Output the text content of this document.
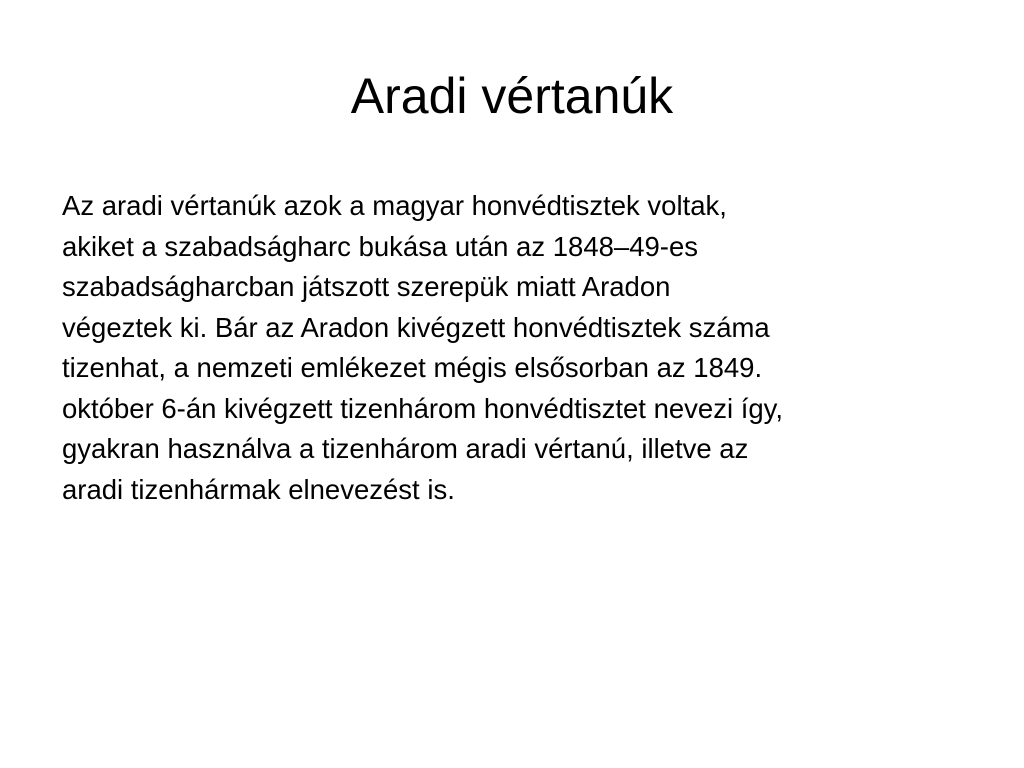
Aradi vértanúk

Az aradi vértanúk azok a magyar honvédtisztek voltak,
akiket a szabadságharc bukása után az 1848–49-es
szabadságharcban játszott szerepük miatt Aradon
végeztek ki. Bár az Aradon kivégzett honvédtisztek száma
tizenhat, a nemzeti emlékezet mégis elsősorban az 1849.
október 6-án kivégzett tizenhárom honvédtisztet nevezi így,
gyakran használva a tizenhárom aradi vértanú, illetve az
aradi tizenhármak elnevezést is.
